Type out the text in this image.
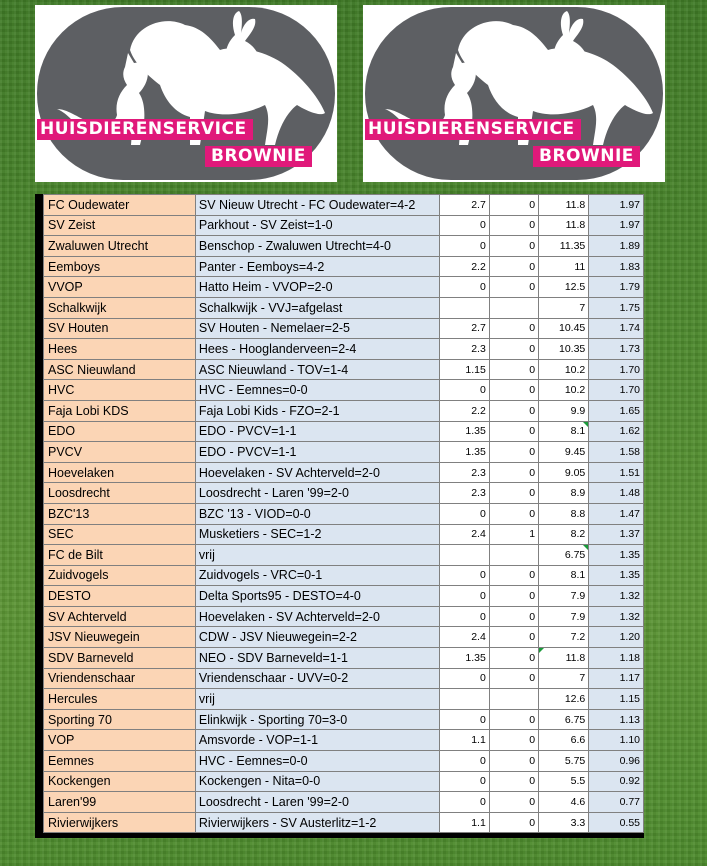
HUISDIERENSERVICE
BROWNIE
HUISDIERENSERVICE
BROWNIE
FC Oudewater	SV Nieuw Utrecht - FC Oudewater=4-2	2.7	0	11.8	1.97
SV Zeist	Parkhout - SV Zeist=1-0	0	0	11.8	1.97
Zwaluwen Utrecht	Benschop - Zwaluwen Utrecht=4-0	0	0	11.35	1.89
Eemboys	Panter - Eemboys=4-2	2.2	0	11	1.83
VVOP	Hatto Heim - VVOP=2-0	0	0	12.5	1.79
Schalkwijk	Schalkwijk - VVJ=afgelast			7	1.75
SV Houten	SV Houten - Nemelaer=2-5	2.7	0	10.45	1.74
Hees	Hees - Hooglanderveen=2-4	2.3	0	10.35	1.73
ASC Nieuwland	ASC Nieuwland - TOV=1-4	1.15	0	10.2	1.70
HVC	HVC - Eemnes=0-0	0	0	10.2	1.70
Faja Lobi KDS	Faja Lobi Kids - FZO=2-1	2.2	0	9.9	1.65
EDO	EDO - PVCV=1-1	1.35	0	8.1	1.62
PVCV	EDO - PVCV=1-1	1.35	0	9.45	1.58
Hoevelaken	Hoevelaken - SV Achterveld=2-0	2.3	0	9.05	1.51
Loosdrecht	Loosdrecht - Laren '99=2-0	2.3	0	8.9	1.48
BZC'13	BZC '13 - VIOD=0-0	0	0	8.8	1.47
SEC	Musketiers - SEC=1-2	2.4	1	8.2	1.37
FC de Bilt	vrij			6.75	1.35
Zuidvogels	Zuidvogels - VRC=0-1	0	0	8.1	1.35
DESTO	Delta Sports95 - DESTO=4-0	0	0	7.9	1.32
SV Achterveld	Hoevelaken - SV Achterveld=2-0	0	0	7.9	1.32
JSV Nieuwegein	CDW - JSV Nieuwegein=2-2	2.4	0	7.2	1.20
SDV Barneveld	NEO - SDV Barneveld=1-1	1.35	0	11.8	1.18
Vriendenschaar	Vriendenschaar - UVV=0-2	0	0	7	1.17
Hercules	vrij			12.6	1.15
Sporting 70	Elinkwijk - Sporting 70=3-0	0	0	6.75	1.13
VOP	Amsvorde - VOP=1-1	1.1	0	6.6	1.10
Eemnes	HVC - Eemnes=0-0	0	0	5.75	0.96
Kockengen	Kockengen - Nita=0-0	0	0	5.5	0.92
Laren'99	Loosdrecht - Laren '99=2-0	0	0	4.6	0.77
Rivierwijkers	Rivierwijkers - SV Austerlitz=1-2	1.1	0	3.3	0.55
